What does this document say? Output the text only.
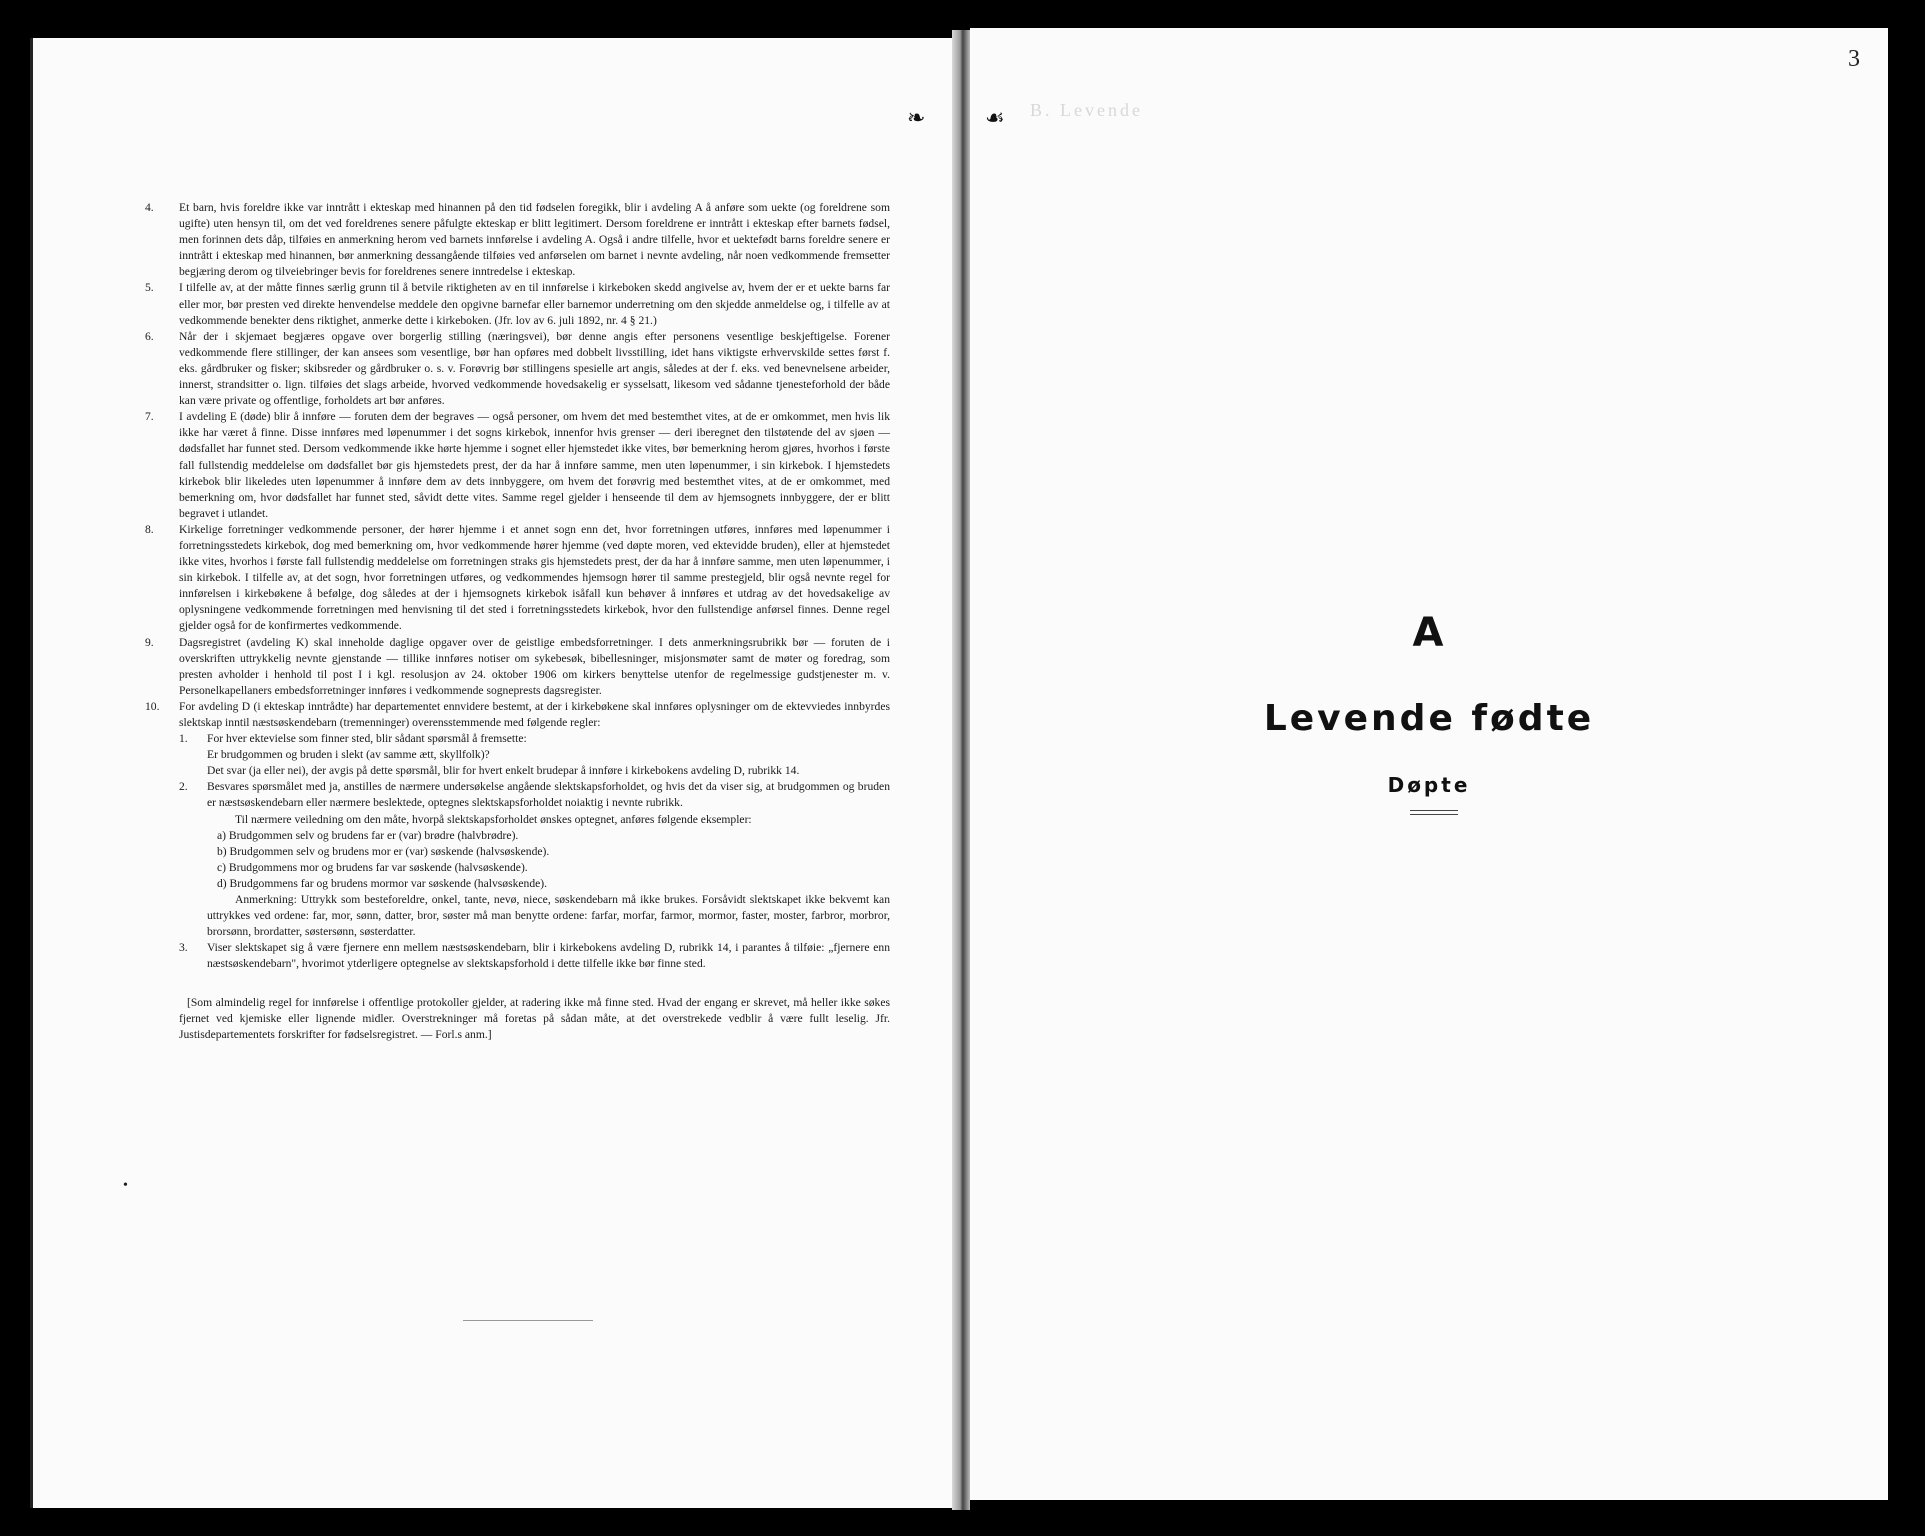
4.	Et barn, hvis foreldre ikke var inntrått i ekteskap med hinannen på den tid fødselen foregikk, blir i avdeling A å anføre som uekte (og foreldrene som ugifte) uten hensyn til, om det ved foreldrenes senere påfulgte ekteskap er blitt legitimert. Dersom foreldrene er inntrått i ekteskap efter barnets fødsel, men forinnen dets dåp, tilføies en anmerkning herom ved barnets innførelse i avdeling A. Også i andre tilfelle, hvor et uektefødt barns foreldre senere er inntrått i ekteskap med hinannen, bør anmerkning dessangående tilføies ved anførselen om barnet i nevnte avdeling, når noen vedkommende fremsetter begjæring derom og tilveiebringer bevis for foreldrenes senere inntredelse i ekteskap.
5.	I tilfelle av, at der måtte finnes særlig grunn til å betvile riktigheten av en til innførelse i kirkeboken skedd angivelse av, hvem der er et uekte barns far eller mor, bør presten ved direkte henvendelse meddele den opgivne barnefar eller barnemor underretning om den skjedde anmeldelse og, i tilfelle av at vedkommende benekter dens riktighet, anmerke dette i kirkeboken. (Jfr. lov av 6. juli 1892, nr. 4 § 21.)
6.	Når der i skjemaet begjæres opgave over borgerlig stilling (næringsvei), bør denne angis efter personens vesentlige beskjeftigelse. Forener vedkommende flere stillinger, der kan ansees som vesentlige, bør han opføres med dobbelt livsstilling, idet hans viktigste erhvervskilde settes først f. eks. gårdbruker og fisker; skibsreder og gårdbruker o. s. v. Forøvrig bør stillingens spesielle art angis, således at der f. eks. ved benevnelsene arbeider, innerst, strandsitter o. lign. tilføies det slags arbeide, hvorved vedkommende hovedsakelig er sysselsatt, likesom ved sådanne tjenesteforhold der både kan være private og offentlige, forholdets art bør anføres.
7.	I avdeling E (døde) blir å innføre — foruten dem der begraves — også personer, om hvem det med bestemthet vites, at de er omkommet, men hvis lik ikke har været å finne. Disse innføres med løpenummer i det sogns kirkebok, innenfor hvis grenser — deri iberegnet den tilstøtende del av sjøen — dødsfallet har funnet sted. Dersom vedkommende ikke hørte hjemme i sognet eller hjemstedet ikke vites, bør bemerkning herom gjøres, hvorhos i første fall fullstendig meddelelse om dødsfallet bør gis hjemstedets prest, der da har å innføre samme, men uten løpenummer, i sin kirkebok. I hjemstedets kirkebok blir likeledes uten løpenummer å innføre dem av dets innbyggere, om hvem det forøvrig med bestemthet vites, at de er omkommet, med bemerkning om, hvor dødsfallet har funnet sted, såvidt dette vites. Samme regel gjelder i henseende til dem av hjemsognets innbyggere, der er blitt begravet i utlandet.
8.	Kirkelige forretninger vedkommende personer, der hører hjemme i et annet sogn enn det, hvor forretningen utføres, innføres med løpenummer i forretningsstedets kirkebok, dog med bemerkning om, hvor vedkommende hører hjemme (ved døpte moren, ved ektevidde bruden), eller at hjemstedet ikke vites, hvorhos i første fall fullstendig meddelelse om forretningen straks gis hjemstedets prest, der da har å innføre samme, men uten løpenummer, i sin kirkebok. I tilfelle av, at det sogn, hvor forretningen utføres, og vedkommendes hjemsogn hører til samme prestegjeld, blir også nevnte regel for innførelsen i kirkebøkene å befølge, dog således at der i hjemsognets kirkebok isåfall kun behøver å innføres et utdrag av det hovedsakelige av oplysningene vedkommende forretningen med henvisning til det sted i forretningsstedets kirkebok, hvor den fullstendige anførsel finnes. Denne regel gjelder også for de konfirmertes vedkommende.
9.	Dagsregistret (avdeling K) skal inneholde daglige opgaver over de geistlige embedsforretninger. I dets anmerkningsrubrikk bør — foruten de i overskriften uttrykkelig nevnte gjenstande — tillike innføres notiser om sykebesøk, bibellesninger, misjonsmøter samt de møter og foredrag, som presten avholder i henhold til post I i kgl. resolusjon av 24. oktober 1906 om kirkers benyttelse utenfor de regelmessige gudstjenester m. v. Personelkapellaners embedsforretninger innføres i vedkommende sogneprests dagsregister.
10.	For avdeling D (i ekteskap inntrådte) har departementet ennvidere bestemt, at der i kirkebøkene skal innføres oplysninger om de ektevviedes innbyrdes slektskap inntil næstsøskendebarn (tremenninger) overensstemmende med følgende regler:
1.	For hver ektevielse som finner sted, blir sådant spørsmål å fremsette:
Er brudgommen og bruden i slekt (av samme ætt, skyllfolk)?
Det svar (ja eller nei), der avgis på dette spørsmål, blir for hvert enkelt brudepar å innføre i kirkebokens avdeling D, rubrikk 14.
2.	Besvares spørsmålet med ja, anstilles de nærmere undersøkelse angående slektskapsforholdet, og hvis det da viser sig, at brudgommen og bruden er næstsøskendebarn eller nærmere beslektede, optegnes slektskapsforholdet noiaktig i nevnte rubrikk.
Til nærmere veiledning om den måte, hvorpå slektskapsforholdet ønskes optegnet, anføres følgende eksempler:
a) Brudgommen selv og brudens far er (var) brødre (halvbrødre).
b) Brudgommen selv og brudens mor er (var) søskende (halvsøskende).
c) Brudgommens mor og brudens far var søskende (halvsøskende).
d) Brudgommens far og brudens mormor var søskende (halvsøskende).
Anmerkning: Uttrykk som besteforeldre, onkel, tante, nevø, niece, søskendebarn må ikke brukes. Forsåvidt slektskapet ikke bekvemt kan uttrykkes ved ordene: far, mor, sønn, datter, bror, søster må man benytte ordene: farfar, morfar, farmor, mormor, faster, moster, farbror, morbror, brorsønn, brordatter, søstersønn, søsterdatter.
3.	Viser slektskapet sig å være fjernere enn mellem næstsøskendebarn, blir i kirkebokens avdeling D, rubrikk 14, i parantes å tilføie: „fjernere enn næstsøskendebarn", hvorimot ytderligere optegnelse av slektskapsforhold i dette tilfelle ikke bør finne sted.
[Som almindelig regel for innførelse i offentlige protokoller gjelder, at radering ikke må finne sted. Hvad der engang er skrevet, må heller ikke søkes fjernet ved kjemiske eller lignende midler. Overstrekninger må foretas på sådan måte, at det overstrekede vedblir å være fullt leselig. Jfr. Justisdepartementets forskrifter for fødselsregistret. — Forl.s anm.]
•
3
B. Levende
A
Levende fødte
Døpte
❧	☙
